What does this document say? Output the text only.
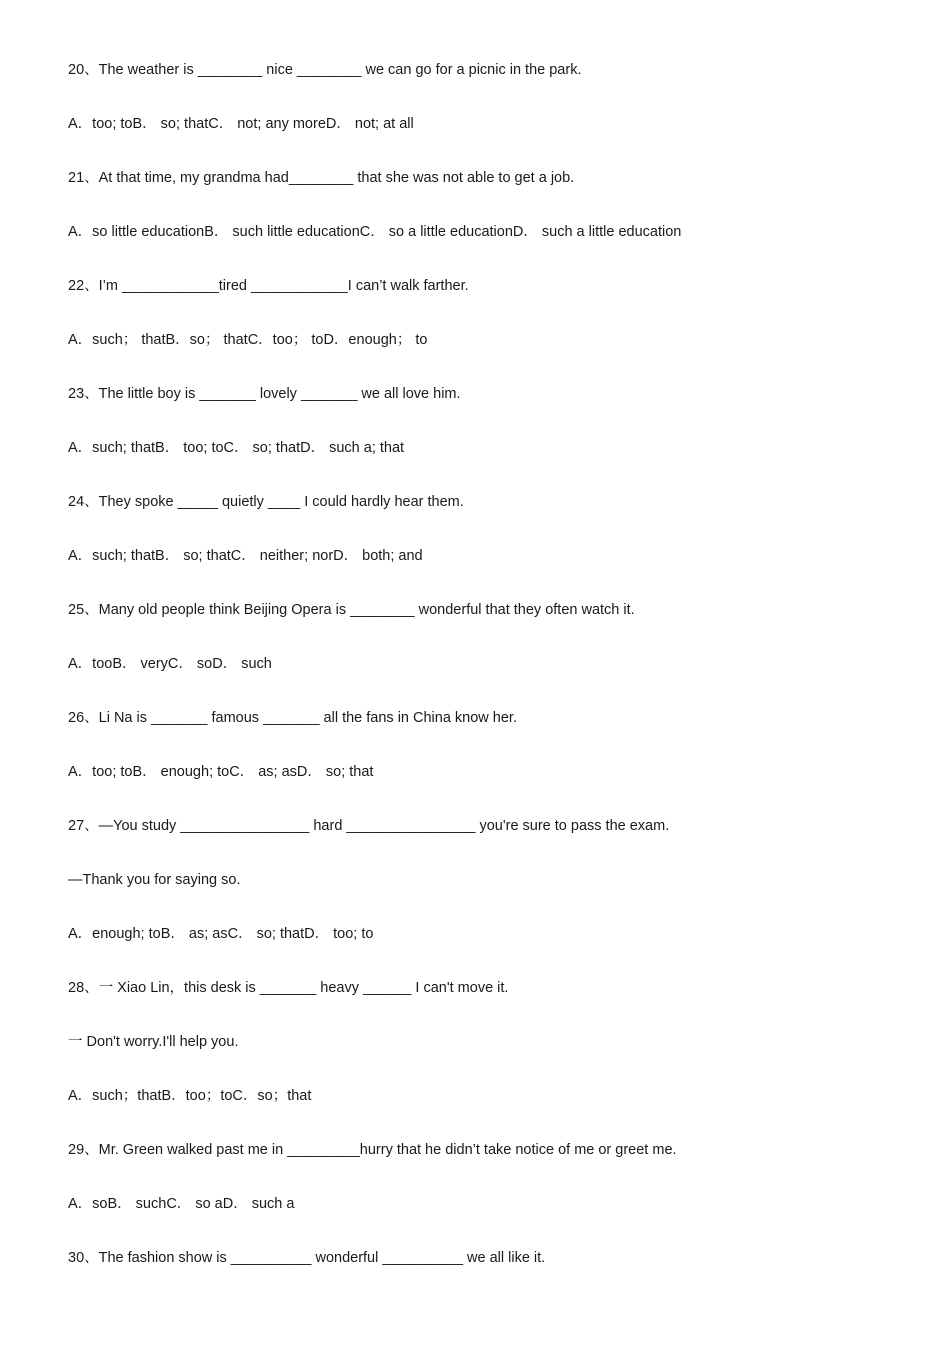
20、The weather is ________ nice ________ we can go for a picnic in the park.
A．too; toB． so; thatC． not; any moreD． not; at all
21、At that time, my grandma had________ that she was not able to get a job.
A．so little educationB． such little educationC． so a little educationD． such a little education
22、I’m ____________tired ____________I can’t walk farther.
A．such； thatB．so； thatC．too； toD．enough； to
23、The little boy is _______ lovely _______ we all love him.
A．such; thatB． too; toC． so; thatD． such a; that
24、They spoke _____ quietly ____ I could hardly hear them.
A．such; thatB． so; thatC． neither; norD． both; and
25、Many old people think Beijing Opera is ________ wonderful that they often watch it.
A．tooB． veryC． soD． such
26、Li Na is _______ famous _______ all the fans in China know her.
A．too; toB． enough; toC． as; asD． so; that
27、—You study ________________ hard ________________ you're sure to pass the exam.
—Thank you for saying so.
A．enough; toB． as; asC． so; thatD． too; to
28、一 Xiao Lin，this desk is _______ heavy ______ I can't move it.
一 Don't worry.I'll help you.
A．such；thatB．too；toC．so；that
29、Mr. Green walked past me in _________hurry that he didn’t take notice of me or greet me.
A．soB． suchC． so aD． such a
30、The fashion show is __________ wonderful __________ we all like it.
